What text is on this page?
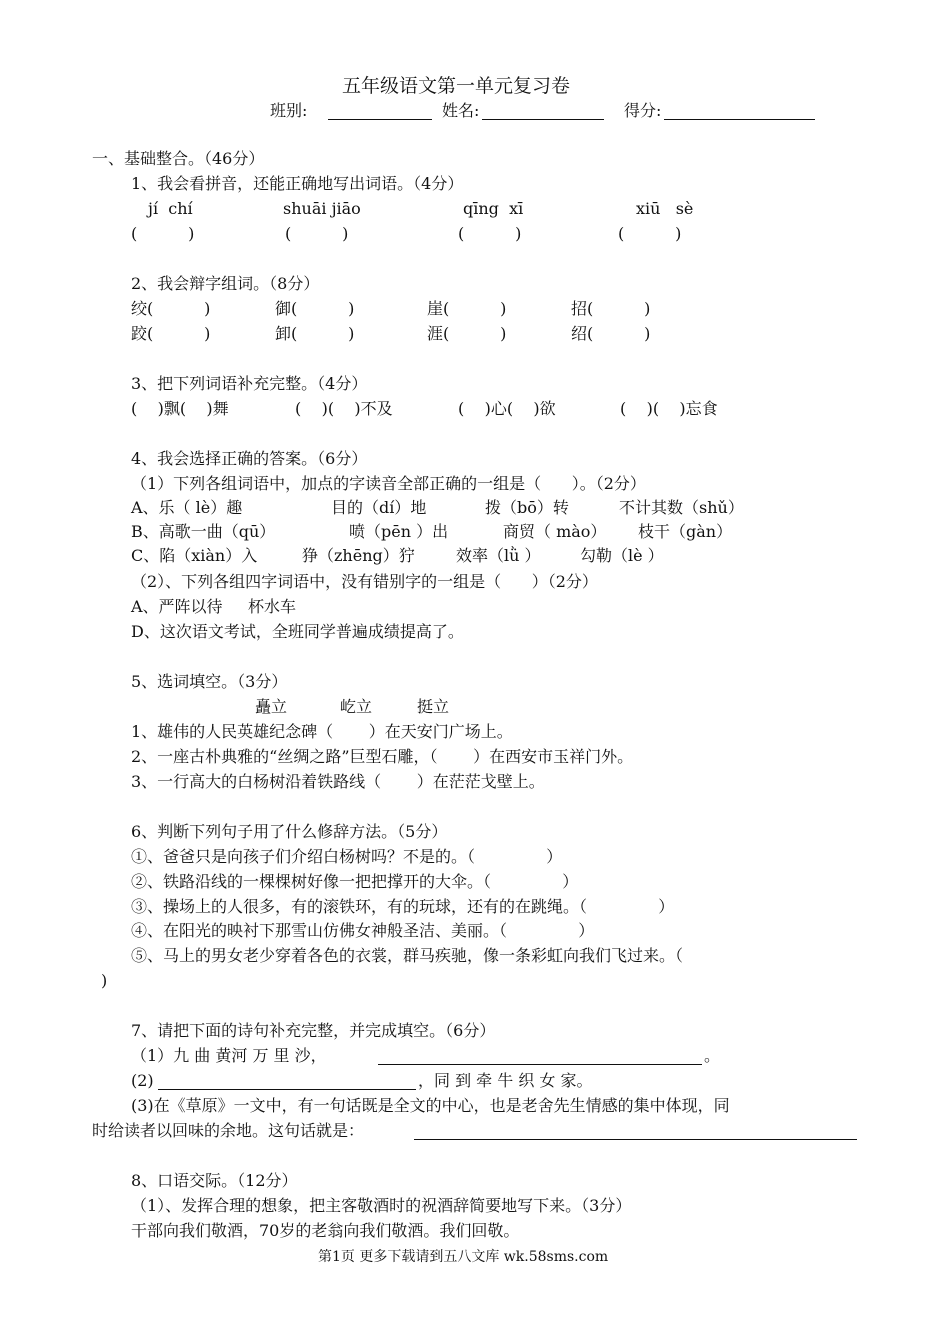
五年级语文第一单元复习卷
班别:	姓名:	得分:
一、基础整合。（46分）
1、我会看拼音，还能正确地写出词语。（4分）
jí  chí	shuāi jiāo	qīng  xī	xiū   sè
(          )	(          )	(          )	(          )
2、我会辩字组词。（8分）
绞(          )	御(          )	崖(          )	招(          )
跤(          )	卸(          )	涯(          )	绍(          )
3、把下列词语补充完整。（4分）
(    )飘(    )舞	(    )(    )不及	(    )心(    )欲	(    )(    )忘食
4、我会选择正确的答案。（6分）
（1）下列各组词语中，加点的字读音全部正确的一组是（      ）。（2分）
A、乐（ lè）趣	目的（dí）地	拨（bō）转	不计其数（shǔ）
B、高歌一曲（qū）	喷（pēn ）出	商贸（ mào） 枝干（gàn）
C、陷（xiàn）入	狰（zhēng）狞	效率（lǜ ） 勾勒（lè ）
（2）、下列各组四字词语中，没有错别字的一组是（      ）（2分）
A、严阵以待     杯水车
D、这次语文考试，全班同学普遍成绩提高了。
5、选词填空。（3分）
矗立	屹立	挺立
1、雄伟的人民英雄纪念碑（       ）在天安门广场上。
2、一座古朴典雅的“丝绸之路”巨型石雕，（       ）在西安市玉祥门外。
3、一行高大的白杨树沿着铁路线（       ）在茫茫戈壁上。
6、判断下列句子用了什么修辞方法。（5分）
①、爸爸只是向孩子们介绍白杨树吗？不是的。（              ）
②、铁路沿线的一棵棵树好像一把把撑开的大伞。（              ）
③、操场上的人很多，有的滚铁环，有的玩球，还有的在跳绳。（              ）
④、在阳光的映衬下那雪山仿佛女神般圣洁、美丽。（              ）
⑤、马上的男女老少穿着各色的衣裳，群马疾驰，像一条彩虹向我们飞过来。（
)
7、请把下面的诗句补充完整，并完成填空。（6分）
（1）九 曲 黄河 万 里 沙，	。
(2)	，同 到 牵 牛 织 女 家。
(3)在《草原》一文中，有一句话既是全文的中心，也是老舍先生情感的集中体现，同
时给读者以回味的余地。这句话就是：
8、口语交际。（12分）
（1）、发挥合理的想象，把主客敬酒时的祝酒辞简要地写下来。（3分）
干部向我们敬酒，70岁的老翁向我们敬酒。我们回敬。
第1页 更多下载请到五八文库 wk.58sms.com
